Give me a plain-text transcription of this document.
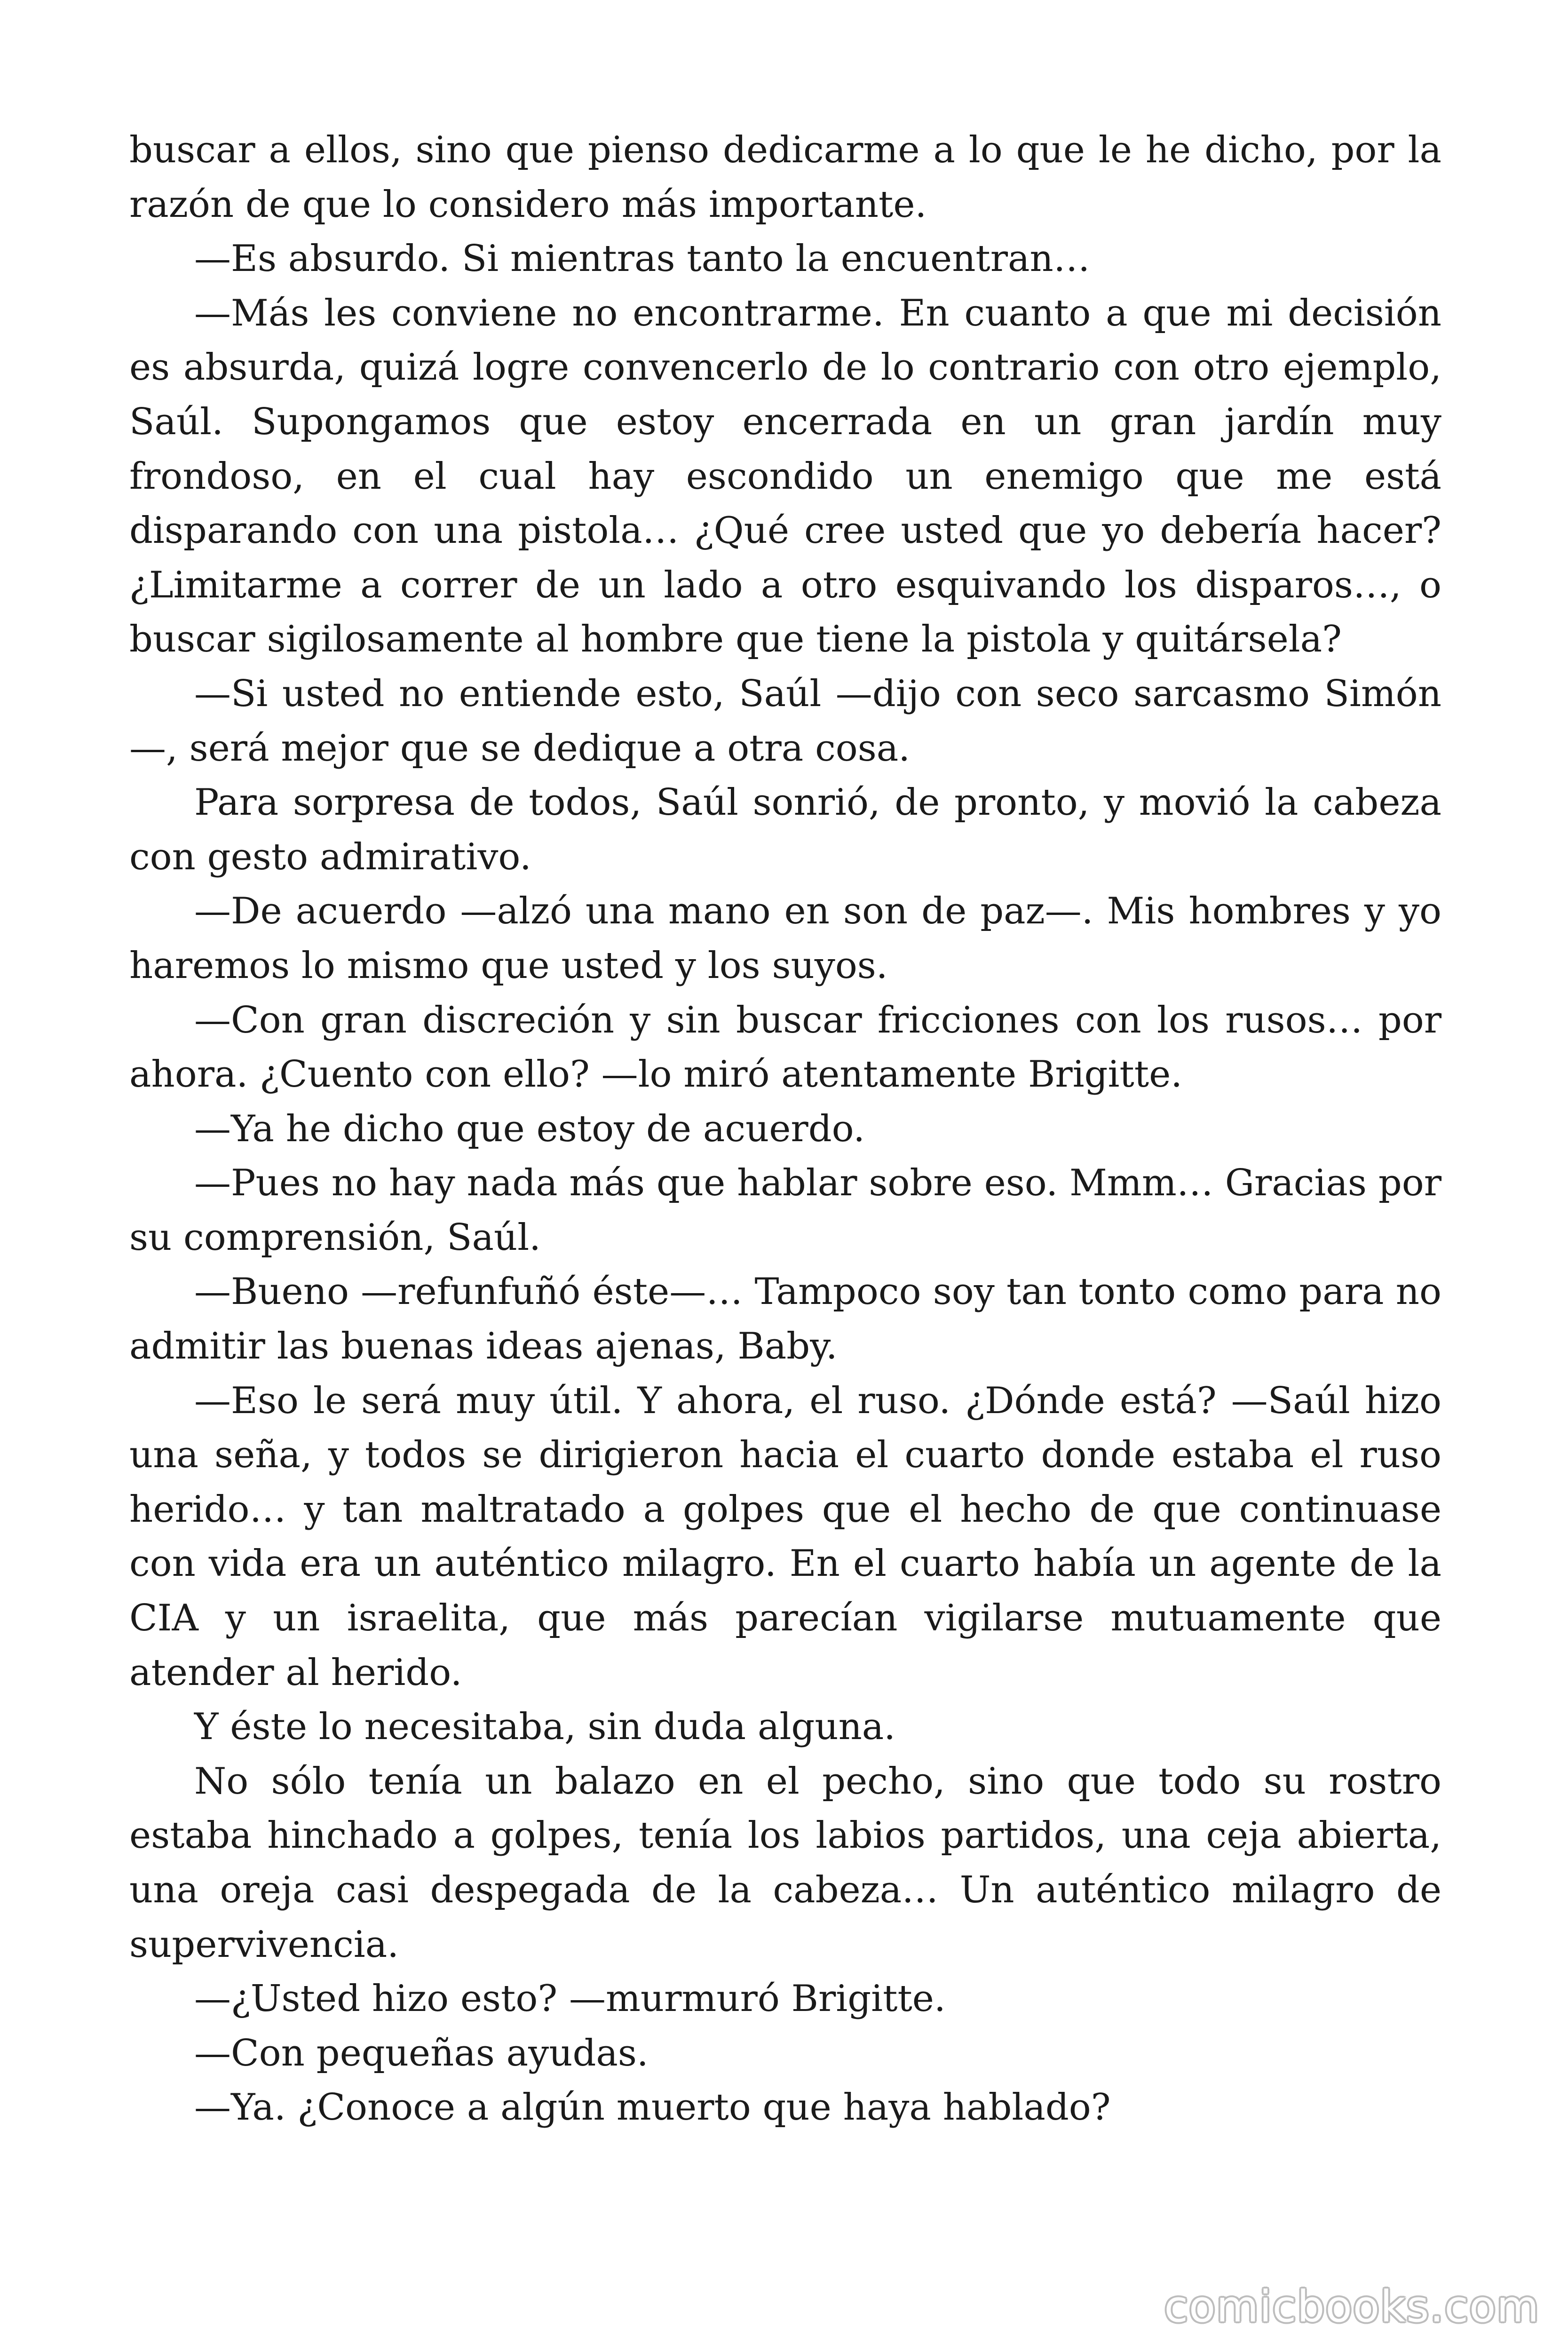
buscar a ellos, sino que pienso dedicarme a lo que le he dicho, por la razón de que lo considero más importante.

—Es absurdo. Si mientras tanto la encuentran…

—Más les conviene no encontrarme. En cuanto a que mi decisión es absurda, quizá logre convencerlo de lo contrario con otro ejemplo, Saúl. Supongamos que estoy encerrada en un gran jardín muy frondoso, en el cual hay escondido un enemigo que me está disparando con una pistola… ¿Qué cree usted que yo debería hacer? ¿Limitarme a correr de un lado a otro esquivando los disparos…, o buscar sigilosamente al hombre que tiene la pistola y quitársela?

—Si usted no entiende esto, Saúl —dijo con seco sarcasmo Simón—, será mejor que se dedique a otra cosa.

Para sorpresa de todos, Saúl sonrió, de pronto, y movió la cabeza con gesto admirativo.

—De acuerdo —alzó una mano en son de paz—. Mis hombres y yo haremos lo mismo que usted y los suyos.

—Con gran discreción y sin buscar fricciones con los rusos… por ahora. ¿Cuento con ello? —lo miró atentamente Brigitte.

—Ya he dicho que estoy de acuerdo.

—Pues no hay nada más que hablar sobre eso. Mmm… Gracias por su comprensión, Saúl.

—Bueno —refunfuñó éste—… Tampoco soy tan tonto como para no admitir las buenas ideas ajenas, Baby.

—Eso le será muy útil. Y ahora, el ruso. ¿Dónde está? —Saúl hizo una seña, y todos se dirigieron hacia el cuarto donde estaba el ruso herido… y tan maltratado a golpes que el hecho de que continuase con vida era un auténtico milagro. En el cuarto había un agente de la CIA y un israelita, que más parecían vigilarse mutuamente que atender al herido.

Y éste lo necesitaba, sin duda alguna.

No sólo tenía un balazo en el pecho, sino que todo su rostro estaba hinchado a golpes, tenía los labios partidos, una ceja abierta, una oreja casi despegada de la cabeza… Un auténtico milagro de supervivencia.

—¿Usted hizo esto? —murmuró Brigitte.

—Con pequeñas ayudas.

—Ya. ¿Conoce a algún muerto que haya hablado?

comicbooks.com
